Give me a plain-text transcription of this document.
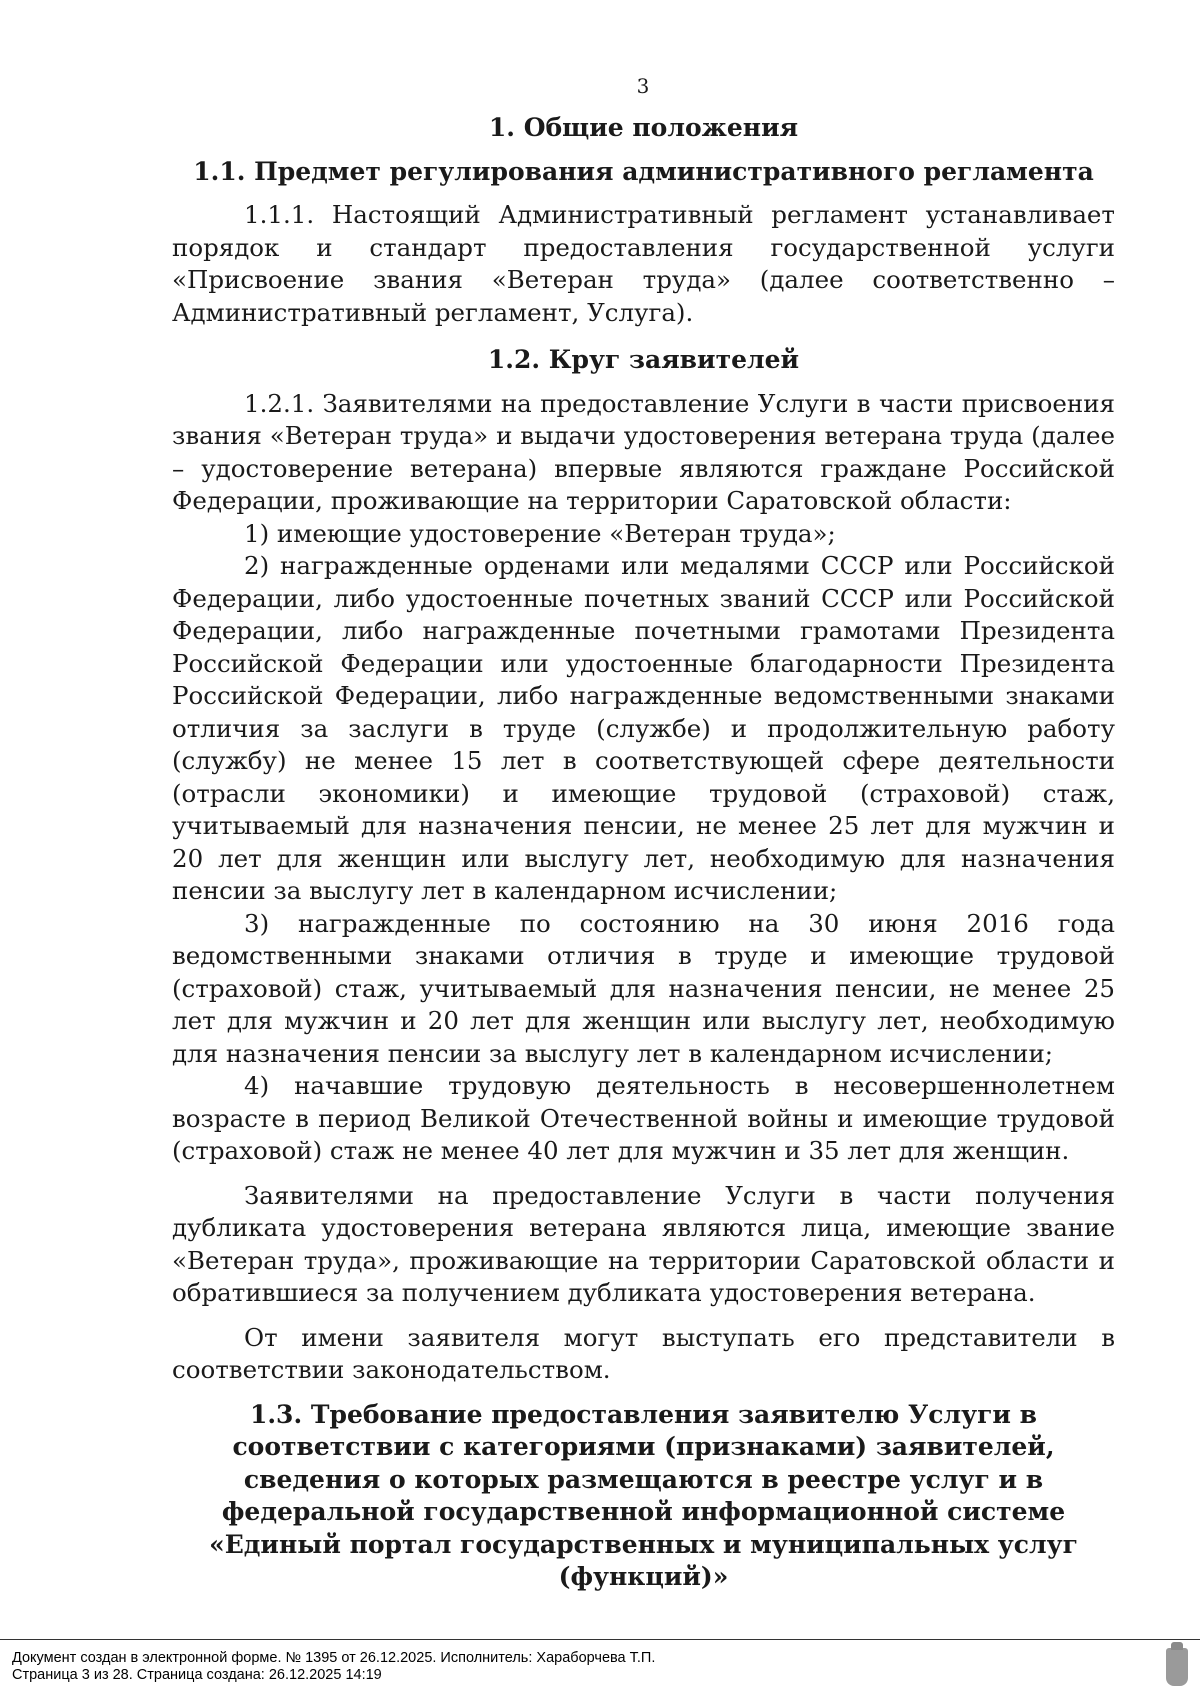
3
1. Общие положения
1.1. Предмет регулирования административного регламента

1.1.1. Настоящий Административный регламент устанавливает порядок и стандарт предоставления государственной услуги «Присвоение звания «Ветеран труда» (далее соответственно – Административный регламент, Услуга).

1.2. Круг заявителей

1.2.1. Заявителями на предоставление Услуги в части присвоения звания «Ветеран труда» и выдачи удостоверения ветерана труда (далее – удостоверение ветерана) впервые являются граждане Российской Федерации, проживающие на территории Саратовской области:

1) имеющие удостоверение «Ветеран труда»;

2) награжденные орденами или медалями СССР или Российской Федерации, либо удостоенные почетных званий СССР или Российской Федерации, либо награжденные почетными грамотами Президента Российской Федерации или удостоенные благодарности Президента Российской Федерации, либо награжденные ведомственными знаками отличия за заслуги в труде (службе) и продолжительную работу (службу) не менее 15 лет в соответствующей сфере деятельности (отрасли экономики) и имеющие трудовой (страховой) стаж, учитываемый для назначения пенсии, не менее 25 лет для мужчин и 20 лет для женщин или выслугу лет, необходимую для назначения пенсии за выслугу лет в календарном исчислении;

3) награжденные по состоянию на 30 июня 2016 года ведомственными знаками отличия в труде и имеющие трудовой (страховой) стаж, учитываемый для назначения пенсии, не менее 25 лет для мужчин и 20 лет для женщин или выслугу лет, необходимую для назначения пенсии за выслугу лет в календарном исчислении;

4) начавшие трудовую деятельность в несовершеннолетнем возрасте в период Великой Отечественной войны и имеющие трудовой (страховой) стаж не менее 40 лет для мужчин и 35 лет для женщин.

Заявителями на предоставление Услуги в части получения дубликата удостоверения ветерана являются лица, имеющие звание «Ветеран труда», проживающие на территории Саратовской области и обратившиеся за получением дубликата удостоверения ветерана.

От имени заявителя могут выступать его представители в соответствии законодательством.

1.3. Требование предоставления заявителю Услуги в соответствии с категориями (признаками) заявителей, сведения о которых размещаются в реестре услуг и в федеральной государственной информационной системе «Единый портал государственных и муниципальных услуг (функций)»
Документ создан в электронной форме. № 1395 от 26.12.2025. Исполнитель: Хараборчева Т.П.
Страница 3 из 28. Страница создана: 26.12.2025 14:19
